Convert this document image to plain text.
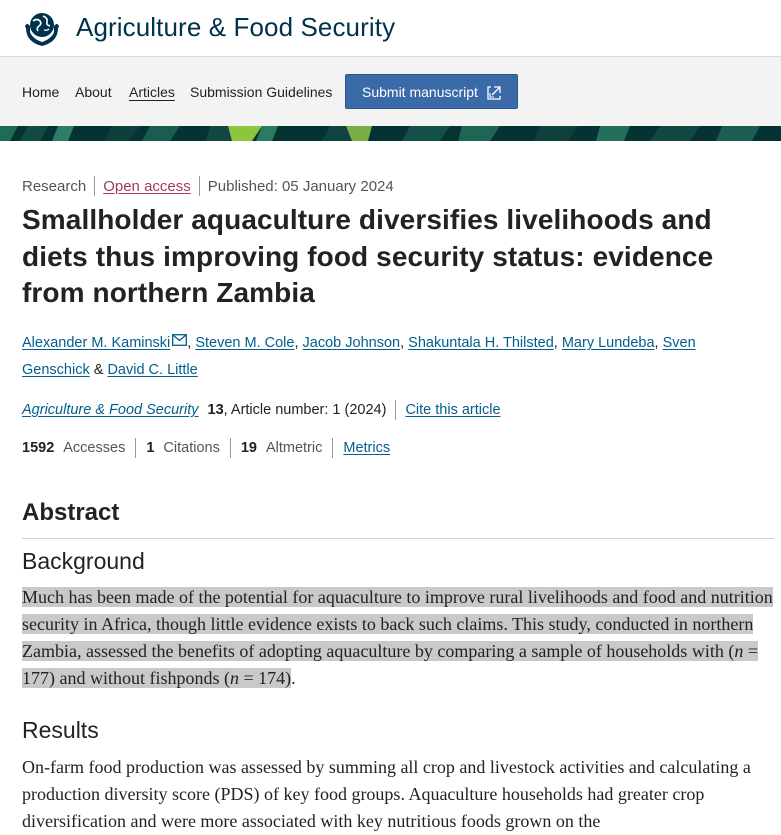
Agriculture & Food Security
Home About Articles Submission Guidelines Submit manuscript
Research Open access Published: 05 January 2024
Smallholder aquaculture diversifies livelihoods and diets thus improving food security status: evidence from northern Zambia
Alexander M. Kaminski , Steven M. Cole, Jacob Johnson, Shakuntala H. Thilsted, Mary Lundeba, Sven Genschick & David C. Little
Agriculture & Food Security 13 , Article number: 1 (2024) Cite this article
1592 Accesses 1 Citations 19 Altmetric Metrics
Abstract
Background

Much has been made of the potential for aquaculture to improve rural livelihoods and food and nutrition security in Africa, though little evidence exists to back such claims. This study, conducted in northern Zambia, assessed the benefits of adopting aquaculture by comparing a sample of households with (n = 177) and without fishponds (n = 174).

Results

On-farm food production was assessed by summing all crop and livestock activities and calculating a production diversity score (PDS) of key food groups. Aquaculture households had greater crop diversification and were more associated with key nutritious foods grown on the
